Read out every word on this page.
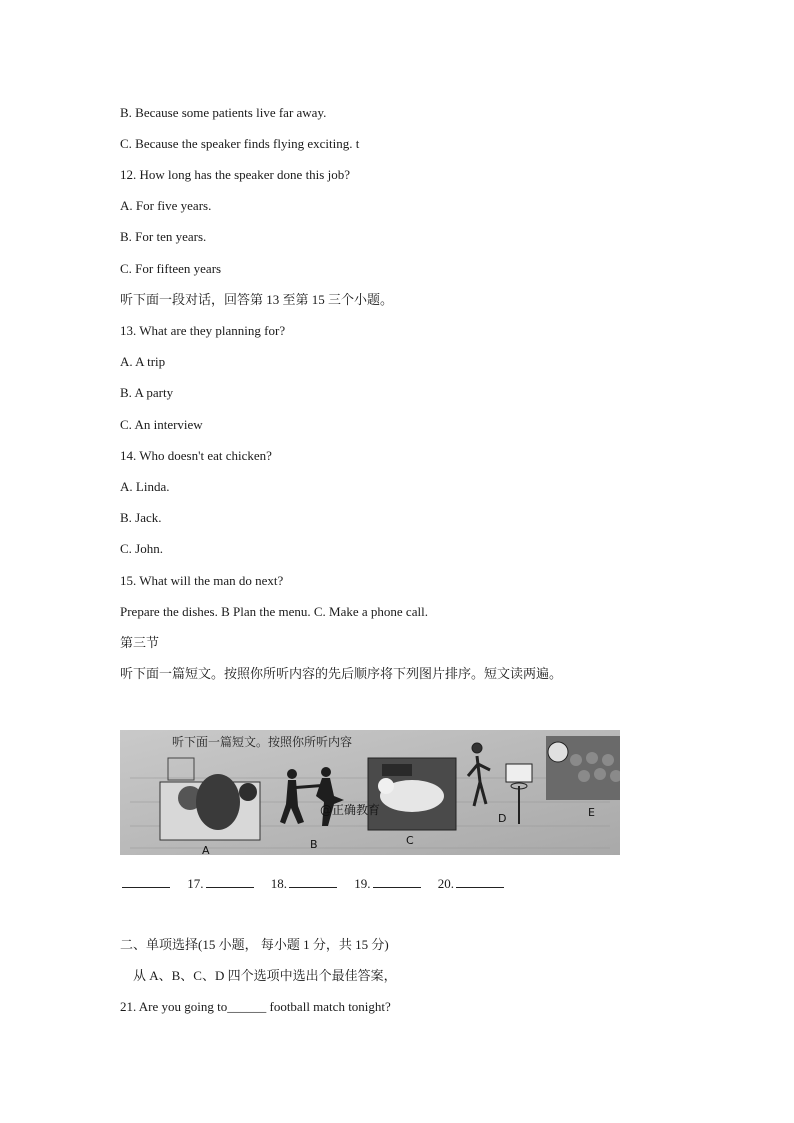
B. Because some patients live far away.
C. Because the speaker finds flying exciting. t
12. How long has the speaker done this job?
A. For five years.
B. For ten years.
C. For fifteen years
听下面一段对话，回答第 13 至第 15 三个小题。
13. What are they planning for?
A. A trip
B. A party
C. An interview
14. Who doesn't eat chicken?
A. Linda.
B. Jack.
C. John.
15. What will the man do next?
Prepare the dishes. B Plan the menu. C. Make a phone call.
第三节
听下面一篇短文。按照你所听内容的先后顺序将下列图片排序。短文读两遍。
听下面一篇短文。按照你所听内容
@正确教育
A	B	C
D	E
17.	18.	19.	20.
二、单项选择(15 小题， 每小题 1 分，共 15 分)
从 A、B、C、D 四个选项中选出个最佳答案，
21. Are you going to______ football match tonight?
